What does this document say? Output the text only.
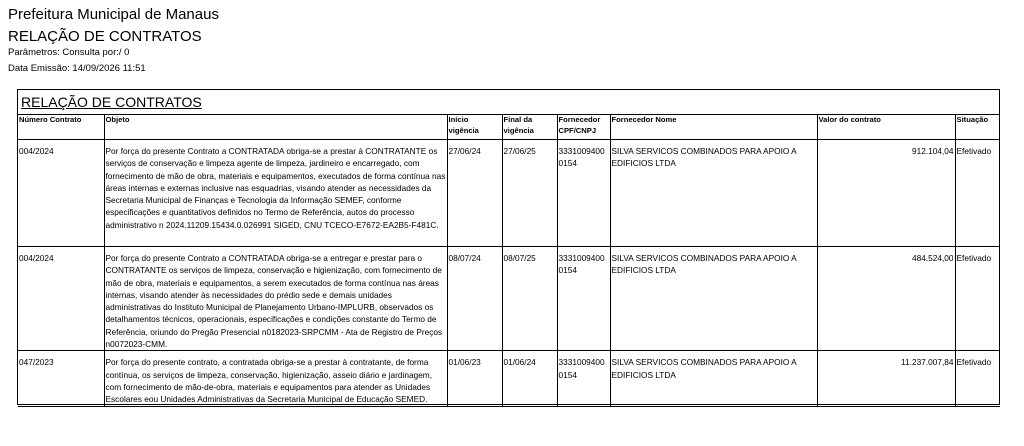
Prefeitura Municipal de Manaus
RELAÇÃO DE CONTRATOS
Parâmetros: Consulta por:/ 0
Data Emissão: 14/09/2026 11:51
RELAÇÃO DE CONTRATOS
Número Contrato	Objeto	Início vigência	Final da vigência	Fornecedor CPF/CNPJ	Fornecedor Nome	Valor do contrato	Situação
004/2024	Por força do presente Contrato a CONTRATADA obriga-se a prestar à CONTRATANTE os serviços de conservação e limpeza agente de limpeza, jardineiro e encarregado, com fornecimento de mão de obra, materiais e equipamentos, executados de forma contínua nas áreas internas e externas inclusive nas esquadrias, visando atender as necessidades da Secretaria Municipal de Finanças e Tecnologia da Informação SEMEF, conforme especificações e quantitativos definidos no Termo de Referência, autos do processo administrativo n 2024.11209.15434.0.026991 SIGED, CNU TCECO-E7672-EA2B5-F481C.	27/06/24	27/06/25	33310094000154	SILVA SERVICOS COMBINADOS PARA APOIO A EDIFICIOS LTDA	912.104,04	Efetivado
004/2024	Por força do presente Contrato a CONTRATADA obriga-se a entregar e prestar para o CONTRATANTE os serviços de limpeza, conservação e higienização, com fornecimento de mão de obra, materiais e equipamentos, a serem executados de forma contínua nas áreas internas, visando atender às necessidades do prédio sede e demais unidades administrativas do Instituto Municipal de Planejamento Urbano-IMPLURB, observados os detalhamentos técnicos, operacionais, especificações e condições constante do Termo de Referência, oriundo do Pregão Presencial n0182023-SRPCMM - Ata de Registro de Preços n0072023-CMM.	08/07/24	08/07/25	33310094000154	SILVA SERVICOS COMBINADOS PARA APOIO A EDIFICIOS LTDA	484.524,00	Efetivado
047/2023	Por força do presente contrato, a contratada obriga-se a prestar à contratante, de forma contínua, os serviços de limpeza, conservação, higienização, asseio diário e jardinagem, com fornecimento de mão-de-obra, materiais e equipamentos para atender as Unidades Escolares eou Unidades Administrativas da Secretaria Municipal de Educação SEMED.	01/06/23	01/06/24	33310094000154	SILVA SERVICOS COMBINADOS PARA APOIO A EDIFICIOS LTDA	11.237.007,84	Efetivado
